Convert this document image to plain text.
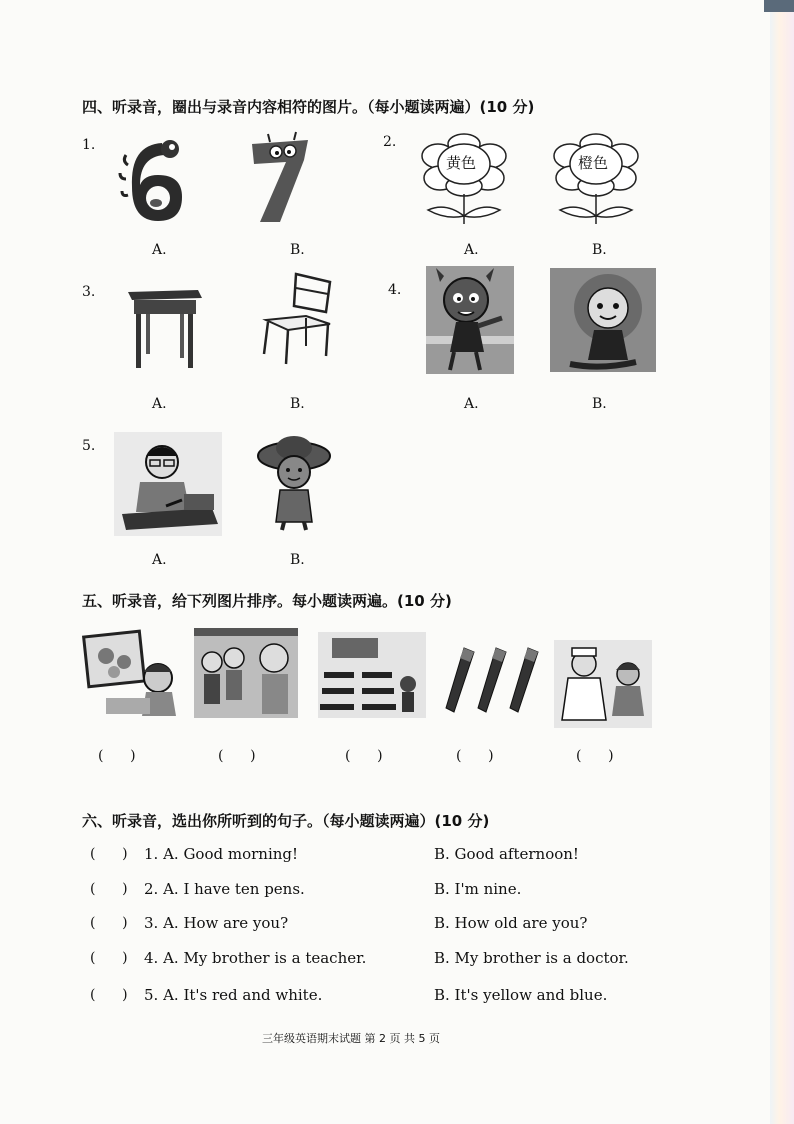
四、听录音，圈出与录音内容相符的图片。（每小题读两遍）(10 分)
1.
A.	B.
2.
黄色	橙色
A.	B.
3.
A.	B.
4.
A.	B.
5.
A.	B.
五、听录音，给下列图片排序。每小题读两遍。(10 分)
(      )	(      )	(      )	(      )	(      )
六、听录音，选出你所听到的句子。（每小题读两遍）(10 分)
(      ) 1. A. Good morning!	B. Good afternoon!
(      ) 2. A. I have ten pens.	B. I'm nine.
(      ) 3. A. How are you?	B. How old are you?
(      ) 4. A. My brother is a teacher.	B. My brother is a doctor.
(      ) 5. A. It's red and white.	B. It's yellow and blue.
三年级英语期末试题 第 2 页 共 5 页
